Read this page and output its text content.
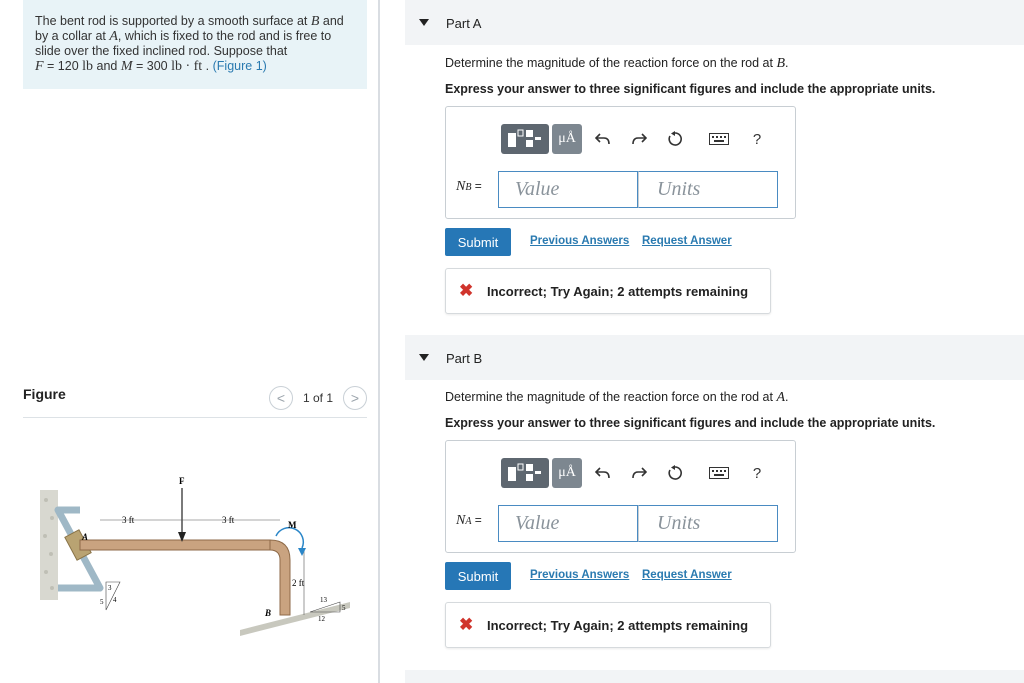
The bent rod is supported by a smooth surface at B and by a collar at A, which is fixed to the rod and is free to slide over the fixed inclined rod. Suppose that
F = 120 lb and M = 300 lb · ft . (Figure 1)
Figure	<	1 of 1	>
F
3 ft	3 ft
2 ft
M
A
B
3
4
5	13
12
5
Part A
Determine the magnitude of the reaction force on the rod at B.
Express your answer to three significant figures and include the appropriate units.
μÅ	?
NB =	Value	Units
Submit	Previous Answers Request Answer
✖ Incorrect; Try Again; 2 attempts remaining
Part B
Determine the magnitude of the reaction force on the rod at A.
Express your answer to three significant figures and include the appropriate units.
μÅ	?
NA =	Value	Units
Submit	Previous Answers Request Answer
✖ Incorrect; Try Again; 2 attempts remaining
